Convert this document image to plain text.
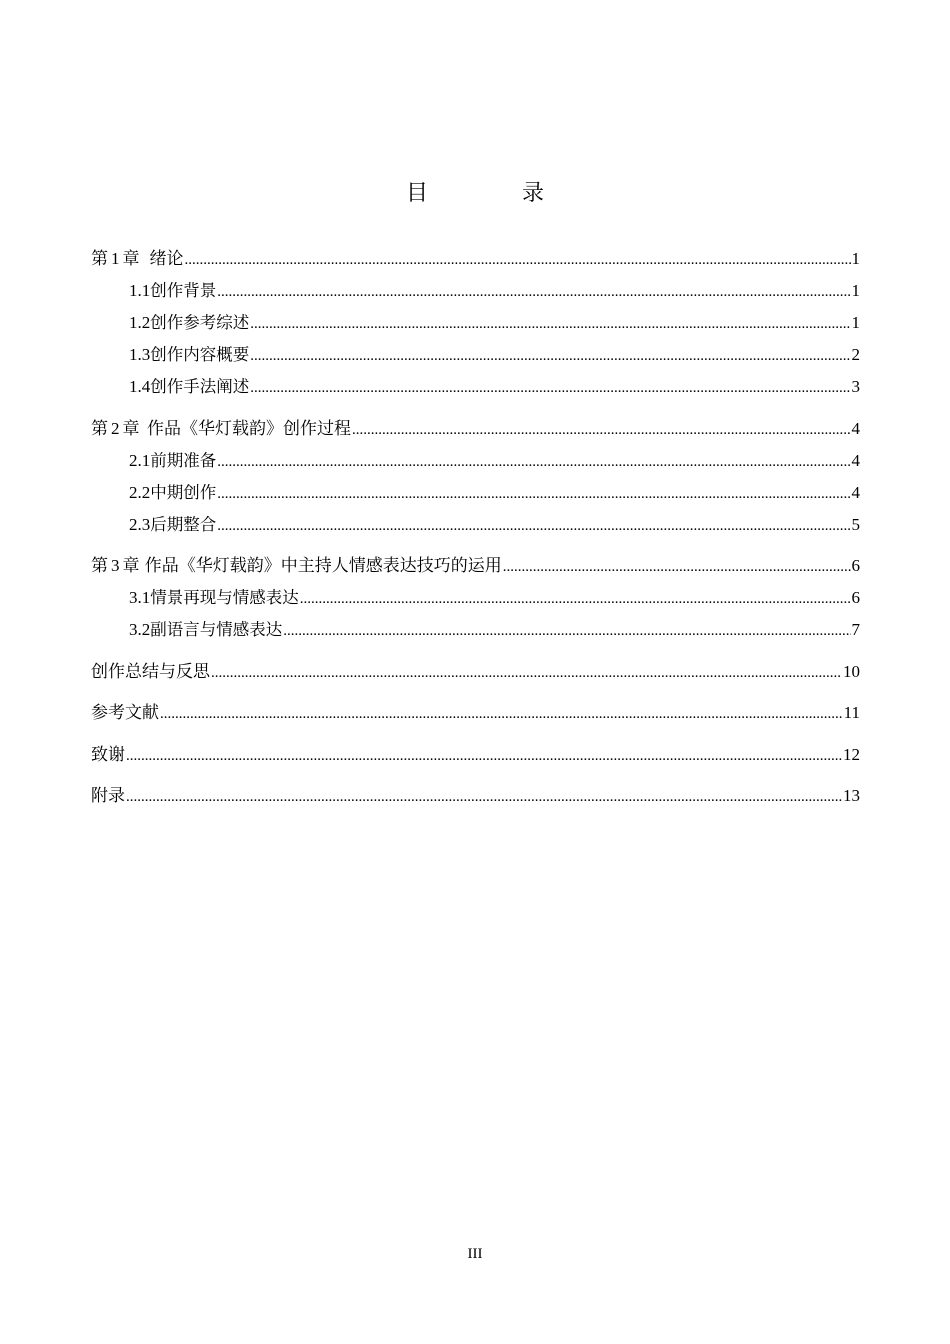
目　录
第 1 章 绪论 .....	1
1.1 创作背景 .....	1
1.2 创作参考综述 .....	1
1.3 创作内容概要 .....	2
1.4 创作手法阐述 .....	3
第 2 章 作品《华灯载韵》创作过程 .....	4
2.1 前期准备 .....	4
2.2 中期创作 .....	4
2.3 后期整合 .....	5
第 3 章 作品《华灯载韵》中主持人情感表达技巧的运用 .....	6
3.1 情景再现与情感表达 .....	6
3.2 副语言与情感表达 .....	7
创作总结与反思 .....	10
参考文献 .....	11
致谢 .....	12
附录 .....	13
III
